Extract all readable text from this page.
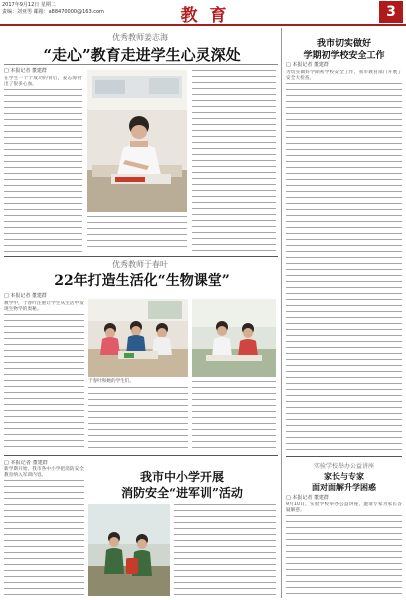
2017年9月12日 星期二
责编：刘亚男 邮箱：a88470000@163.com	教 育	3
优秀教师姜志海
“走心”教育走进学生心灵深处
□ 本报记者 董建群
在学生一个个成功的背后，姜志海付出了很多心血。
优秀教师于春叶
22年打造生活化“生物课堂”
□ 本报记者 董建群
教学中，于春叶注重让学生从生活中发现生物学的奥秘。
于春叶和她的学生们。
□ 本报记者 董建群
新学期开始，我市各中小学把消防安全教育纳入军训内容。	我市中小学开展
消防安全“进军训”活动
我市切实做好
学期初学校安全工作
□ 本报记者 董建群
为切实做好学期初学校安全工作，我市教育部门开展了安全大检查。
实验学校举办公益讲座
家长与专家
面对面解升学困惑
□ 本报记者 董建群
9月10日，实验学校举办公益讲座，邀请专家为家长答疑解惑。
